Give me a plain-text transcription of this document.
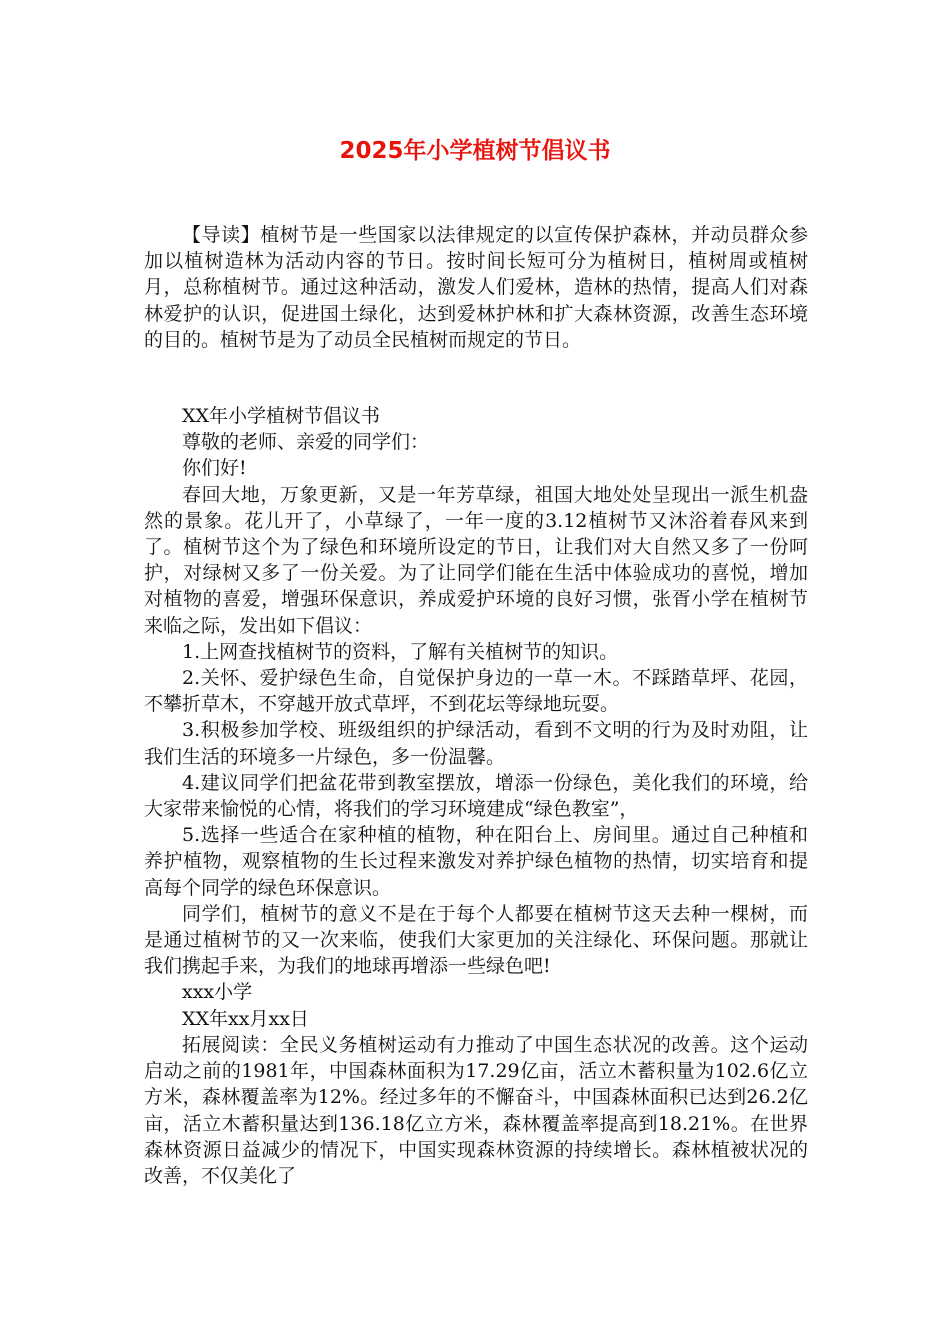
2025年小学植树节倡议书

【导读】植树节是一些国家以法律规定的以宣传保护森林，并动员群众参加以植树造林为活动内容的节日。按时间长短可分为植树日，植树周或植树月，总称植树节。通过这种活动，激发人们爱林，造林的热情，提高人们对森林爱护的认识，促进国土绿化，达到爱林护林和扩大森林资源，改善生态环境的目的。植树节是为了动员全民植树而规定的节日。

XX年小学植树节倡议书

尊敬的老师、亲爱的同学们：

你们好!

春回大地，万象更新，又是一年芳草绿，祖国大地处处呈现出一派生机盎然的景象。花儿开了，小草绿了，一年一度的3.12植树节又沐浴着春风来到了。植树节这个为了绿色和环境所设定的节日，让我们对大自然又多了一份呵护，对绿树又多了一份关爱。为了让同学们能在生活中体验成功的喜悦，增加对植物的喜爱，增强环保意识，养成爱护环境的良好习惯，张胥小学在植树节来临之际，发出如下倡议：

1.上网查找植树节的资料，了解有关植树节的知识。

2.关怀、爱护绿色生命，自觉保护身边的一草一木。不踩踏草坪、花园，不攀折草木，不穿越开放式草坪，不到花坛等绿地玩耍。

3.积极参加学校、班级组织的护绿活动，看到不文明的行为及时劝阻，让我们生活的环境多一片绿色，多一份温馨。

4.建议同学们把盆花带到教室摆放，增添一份绿色，美化我们的环境，给大家带来愉悦的心情，将我们的学习环境建成“绿色教室”，

5.选择一些适合在家种植的植物，种在阳台上、房间里。通过自己种植和养护植物，观察植物的生长过程来激发对养护绿色植物的热情，切实培育和提高每个同学的绿色环保意识。

同学们，植树节的意义不是在于每个人都要在植树节这天去种一棵树，而是通过植树节的又一次来临，使我们大家更加的关注绿化、环保问题。那就让我们携起手来，为我们的地球再增添一些绿色吧!

xxx小学

XX年xx月xx日

拓展阅读：全民义务植树运动有力推动了中国生态状况的改善。这个运动启动之前的1981年，中国森林面积为17.29亿亩，活立木蓄积量为102.6亿立方米，森林覆盖率为12%。经过多年的不懈奋斗，中国森林面积已达到26.2亿亩，活立木蓄积量达到136.18亿立方米，森林覆盖率提高到18.21%。在世界森林资源日益减少的情况下，中国实现森林资源的持续增长。森林植被状况的改善，不仅美化了
